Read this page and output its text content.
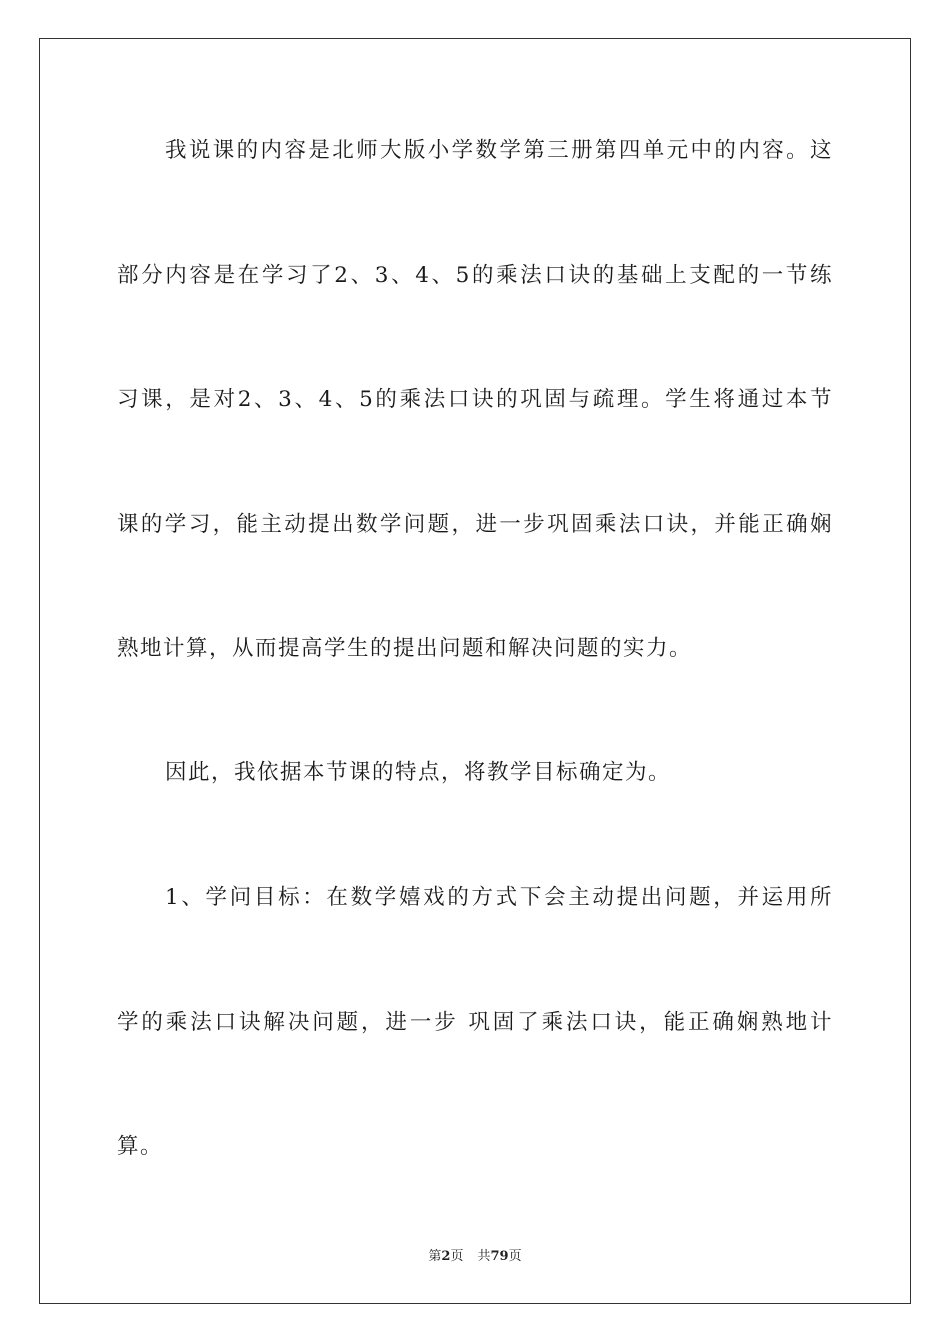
我说课的内容是北师大版小学数学第三册第四单元中的内容。这
部分内容是在学习了2、3、4、5的乘法口诀的基础上支配的一节练
习课，是对2、3、4、5的乘法口诀的巩固与疏理。学生将通过本节
课的学习，能主动提出数学问题，进一步巩固乘法口诀，并能正确娴
熟地计算，从而提高学生的提出问题和解决问题的实力。
因此，我依据本节课的特点，将教学目标确定为。
1、学问目标：在数学嬉戏的方式下会主动提出问题，并运用所
学的乘法口诀解决问题，进一步 巩固了乘法口诀，能正确娴熟地计
算。
第2页 共79页
